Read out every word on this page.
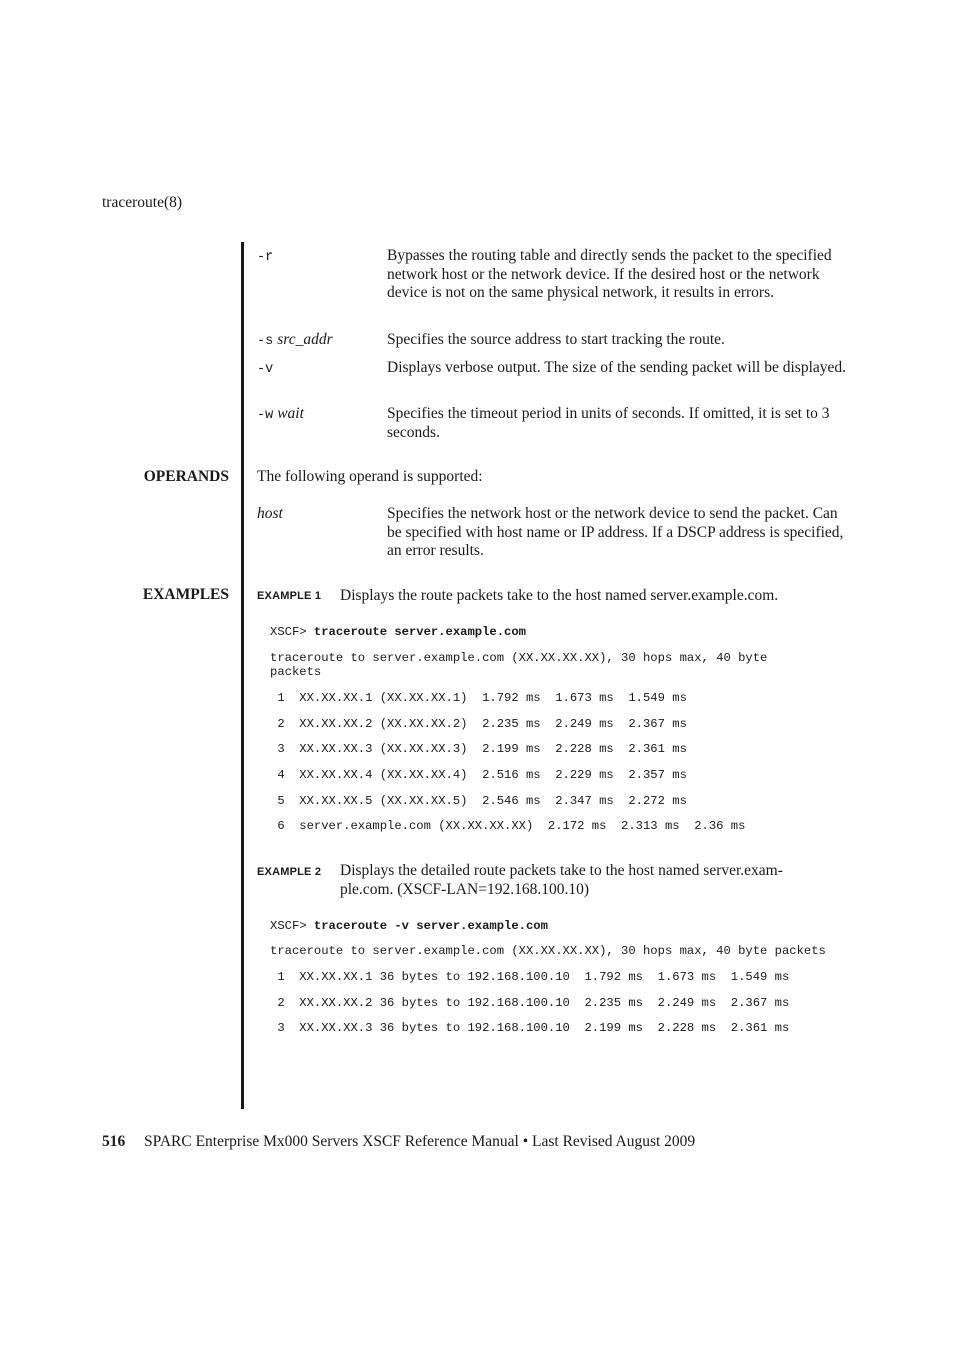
traceroute(8)
-r	Bypasses the routing table and directly sends the packet to the specified network host or the network device. If the desired host or the network device is not on the same physical network, it results in errors.
-s src_addr	Specifies the source address to start tracking the route.
-v	Displays verbose output. The size of the sending packet will be displayed.
-w wait	Specifies the timeout period in units of seconds. If omitted, it is set to 3 seconds.
OPERANDS The following operand is supported:
host	Specifies the network host or the network device to send the packet. Can be specified with host name or IP address. If a DSCP address is specified, an error results.
EXAMPLES	EXAMPLE 1 Displays the route packets take to the host named server.example.com.
XSCF> traceroute server.example.com
traceroute to server.example.com (XX.XX.XX.XX), 30 hops max, 40 byte
packets
1  XX.XX.XX.1 (XX.XX.XX.1)  1.792 ms  1.673 ms  1.549 ms
2  XX.XX.XX.2 (XX.XX.XX.2)  2.235 ms  2.249 ms  2.367 ms
3  XX.XX.XX.3 (XX.XX.XX.3)  2.199 ms  2.228 ms  2.361 ms
4  XX.XX.XX.4 (XX.XX.XX.4)  2.516 ms  2.229 ms  2.357 ms
5  XX.XX.XX.5 (XX.XX.XX.5)  2.546 ms  2.347 ms  2.272 ms
6  server.example.com (XX.XX.XX.XX)  2.172 ms  2.313 ms  2.36 ms
EXAMPLE 2 Displays the detailed route packets take to the host named server.exam-
ple.com. (XSCF-LAN=192.168.100.10)
XSCF> traceroute -v server.example.com
traceroute to server.example.com (XX.XX.XX.XX), 30 hops max, 40 byte packets
1  XX.XX.XX.1 36 bytes to 192.168.100.10  1.792 ms  1.673 ms  1.549 ms
2  XX.XX.XX.2 36 bytes to 192.168.100.10  2.235 ms  2.249 ms  2.367 ms
3  XX.XX.XX.3 36 bytes to 192.168.100.10  2.199 ms  2.228 ms  2.361 ms
516 SPARC Enterprise Mx000 Servers XSCF Reference Manual • Last Revised August 2009
